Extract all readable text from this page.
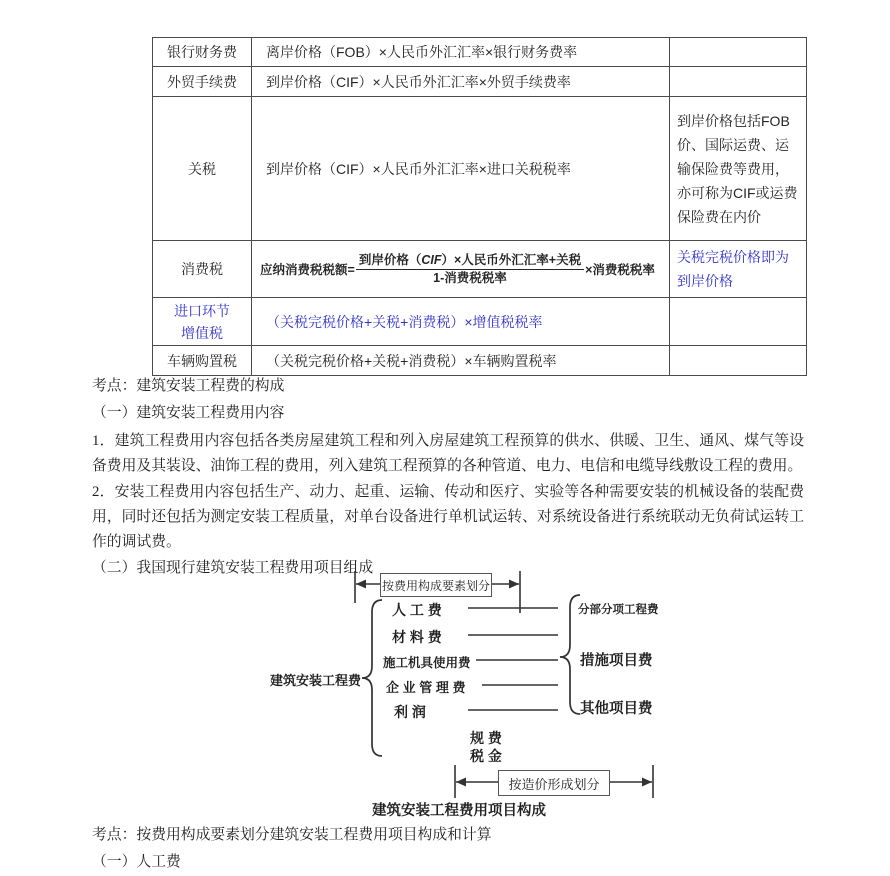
银行财务费	离岸价格（FOB）×人民币外汇汇率×银行财务费率	
外贸手续费	到岸价格（CIF）×人民币外汇汇率×外贸手续费率	
关税	到岸价格（CIF）×人民币外汇汇率×进口关税税率	到岸价格包括FOB价、国际运费、运输保险费等费用，亦可称为CIF或运费保险费在内价
消费税	应纳消费税税额= $\frac{\text{到岸价格（CIF）×人民币外汇汇率+关税}}{\text{1-消费税税率}}$ ×消费税税率	关税完税价格即为到岸价格

进口环节
增值税	（关税完税价格+关税+消费税）×增值税税率	
车辆购置税	（关税完税价格+关税+消费税）×车辆购置税率	

考点：建筑安装工程费的构成

（一）建筑安装工程费用内容

1．建筑工程费用内容包括各类房屋建筑工程和列入房屋建筑工程预算的供水、供暖、卫生、通风、煤气等设备费用及其装设、油饰工程的费用，列入建筑工程预算的各种管道、电力、电信和电缆导线敷设工程的费用。

2．安装工程费用内容包括生产、动力、起重、运输、传动和医疗、实验等各种需要安装的机械设备的装配费用，同时还包括为测定安装工程质量，对单台设备进行单机试运转、对系统设备进行系统联动无负荷试运转工作的调试费。

（二）我国现行建筑安装工程费用项目组成

按费用构成要素划分
按造价形成划分
建筑安装工程费
人 工 费
材 料 费
施工机具使用费
企 业 管 理 费
利 润
规 费
税 金
分部分项工程费
措施项目费
其他项目费
建筑安装工程费用项目构成

考点：按费用构成要素划分建筑安装工程费用项目构成和计算

（一）人工费
